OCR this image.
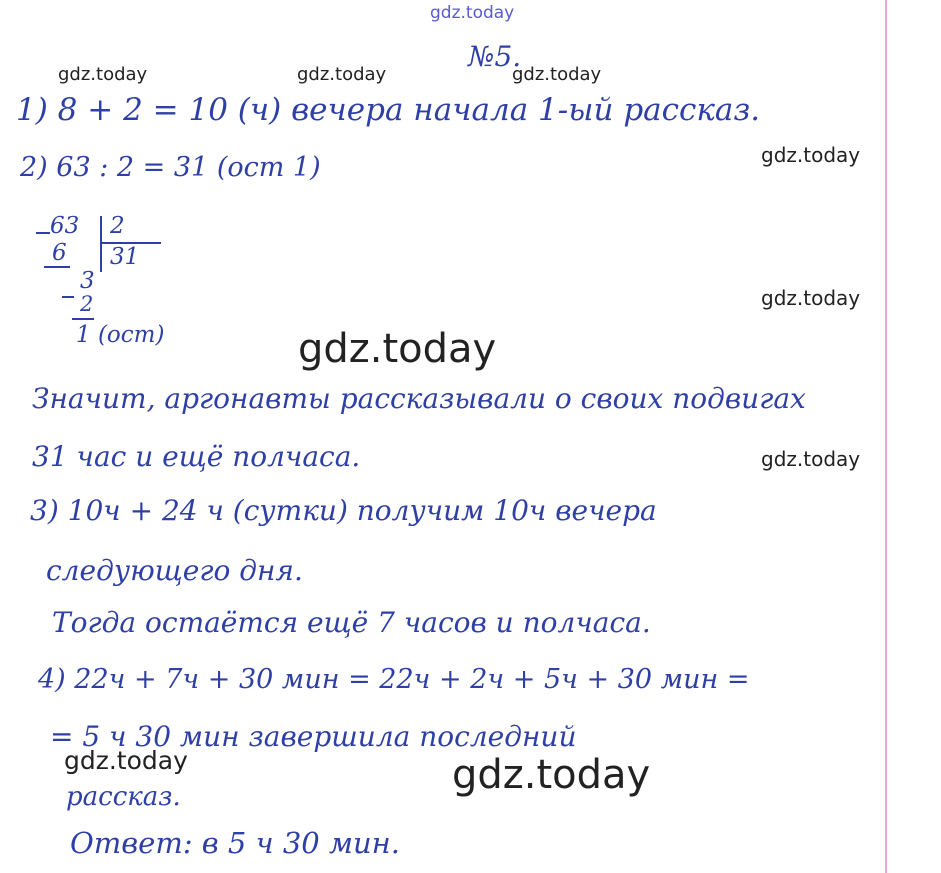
gdz.today
gdz.today	gdz.today	gdz.today
gdz.today
gdz.today
gdz.today
gdz.today
gdz.today	gdz.today
№5.
1) 8 + 2 = 10 (ч) вечера начала 1-ый рассказ.
2) 63 : 2 = 31 (ост 1)
63 2
6 31
3
2
1 (ост)
Значит, аргонавты рассказывали о своих подвигах
31 час и ещё полчаса.
3) 10ч + 24 ч (сутки) получим 10ч вечера
следующего дня.
Тогда остаётся ещё 7 часов и полчаса.
4) 22ч + 7ч + 30 мин = 22ч + 2ч + 5ч + 30 мин =
= 5 ч 30 мин завершила последний
рассказ.
Ответ: в 5 ч 30 мин.
